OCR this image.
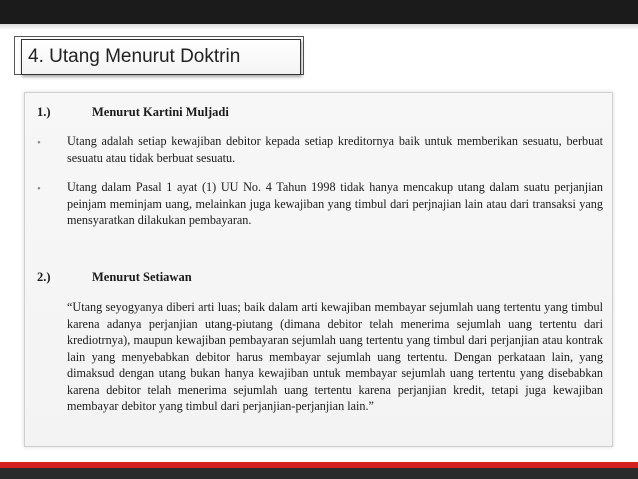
4. Utang Menurut Doktrin
1.)	Menurut Kartini Muljadi
• Utang adalah setiap kewajiban debitor kepada setiap kreditornya baik untuk memberikan sesuatu, berbuat sesuatu atau tidak berbuat sesuatu.

• Utang dalam Pasal 1 ayat (1) UU No. 4 Tahun 1998 tidak hanya mencakup utang dalam suatu perjanjian peinjam meminjam uang, melainkan juga kewajiban yang timbul dari perjnajian lain atau dari transaksi yang mensyaratkan dilakukan pembayaran.

2.)	Menurut Setiawan

“Utang seyogyanya diberi arti luas; baik dalam arti kewajiban membayar sejumlah uang tertentu yang timbul karena adanya perjanjian utang-piutang (dimana debitor telah menerima sejumlah uang tertentu dari krediotrnya), maupun kewajiban pembayaran sejumlah uang tertentu yang timbul dari perjanjian atau kontrak lain yang menyebabkan debitor harus membayar sejumlah uang tertentu. Dengan perkataan lain, yang dimaksud dengan utang bukan hanya kewajiban untuk membayar sejumlah uang tertentu yang disebabkan karena debitor telah menerima sejumlah uang tertentu karena perjanjian kredit, tetapi juga kewajiban membayar debitor yang timbul dari perjanjian-perjanjian lain.”
